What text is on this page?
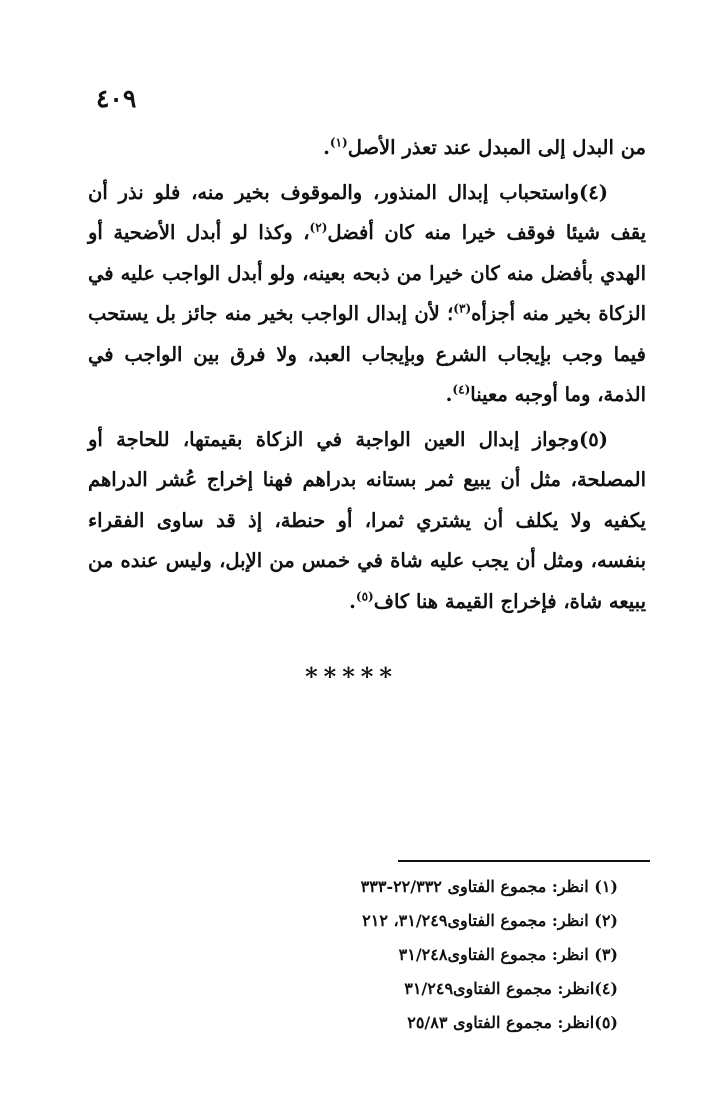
٤٠٩

من البدل إلى المبدل عند تعذر الأصل$^{(١)}$.

(٤)واستحباب إبدال المنذور، والموقوف بخير منه، فلو نذر أن يقف شيئا فوقف خيرا منه كان أفضل$^{(٢)}$، وكذا لو أبدل الأضحية أو الهدي بأفضل منه كان خيرا من ذبحه بعينه، ولو أبدل الواجب عليه في الزكاة بخير منه أجزأه$^{(٣)}$؛ لأن إبدال الواجب بخير منه جائز بل يستحب فيما وجب بإيجاب الشرع وبإيجاب العبد، ولا فرق بين الواجب في الذمة، وما أوجبه معينا$^{(٤)}$.

(٥)وجواز إبدال العين الواجبة في الزكاة بقيمتها، للحاجة أو المصلحة، مثل أن يبيع ثمر بستانه بدراهم فهنا إخراج عُشر الدراهم يكفيه ولا يكلف أن يشتري ثمرا، أو حنطة، إذ قد ساوى الفقراء بنفسه، ومثل أن يجب عليه شاة في خمس من الإبل، وليس عنده من يبيعه شاة، فإخراج القيمة هنا كاف$^{(٥)}$.

*****
(١) انظر: مجموع الفتاوى ٢٢/٣٣٢-٣٣٣
(٢) انظر: مجموع الفتاوى٣١/٢٤٩، ٢١٢
(٣) انظر: مجموع الفتاوى٣١/٢٤٨
(٤)انظر: مجموع الفتاوى٣١/٢٤٩
(٥)انظر: مجموع الفتاوى ٢٥/٨٣
